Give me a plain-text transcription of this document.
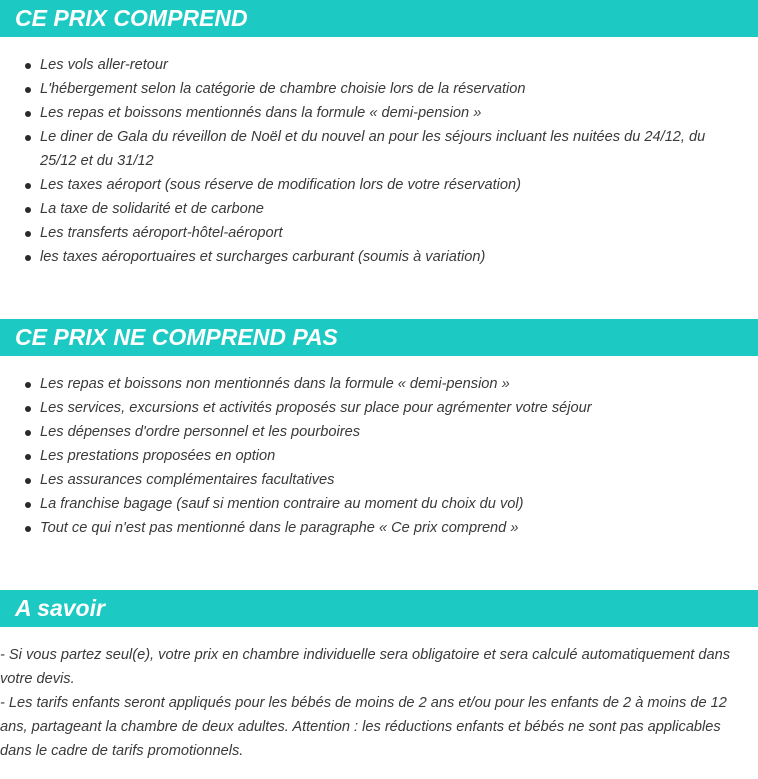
CE PRIX COMPREND
Les vols aller-retour
L'hébergement selon la catégorie de chambre choisie lors de la réservation
Les repas et boissons mentionnés dans la formule « demi-pension »
Le diner de Gala du réveillon de Noël et du nouvel an pour les séjours incluant les nuitées du 24/12, du 25/12 et du 31/12
Les taxes aéroport (sous réserve de modification lors de votre réservation)
La taxe de solidarité et de carbone
Les transferts aéroport-hôtel-aéroport
les taxes aéroportuaires et surcharges carburant (soumis à variation)
CE PRIX NE COMPREND PAS
Les repas et boissons non mentionnés dans la formule « demi-pension »
Les services, excursions et activités proposés sur place pour agrémenter votre séjour
Les dépenses d'ordre personnel et les pourboires
Les prestations proposées en option
Les assurances complémentaires facultatives
La franchise bagage (sauf si mention contraire au moment du choix du vol)
Tout ce qui n'est pas mentionné dans le paragraphe « Ce prix comprend »
A savoir
- Si vous partez seul(e), votre prix en chambre individuelle sera obligatoire et sera calculé automatiquement dans votre devis.
- Les tarifs enfants seront appliqués pour les bébés de moins de 2 ans et/ou pour les enfants de 2 à moins de 12 ans, partageant la chambre de deux adultes. Attention : les réductions enfants et bébés ne sont pas applicables dans le cadre de tarifs promotionnels.
